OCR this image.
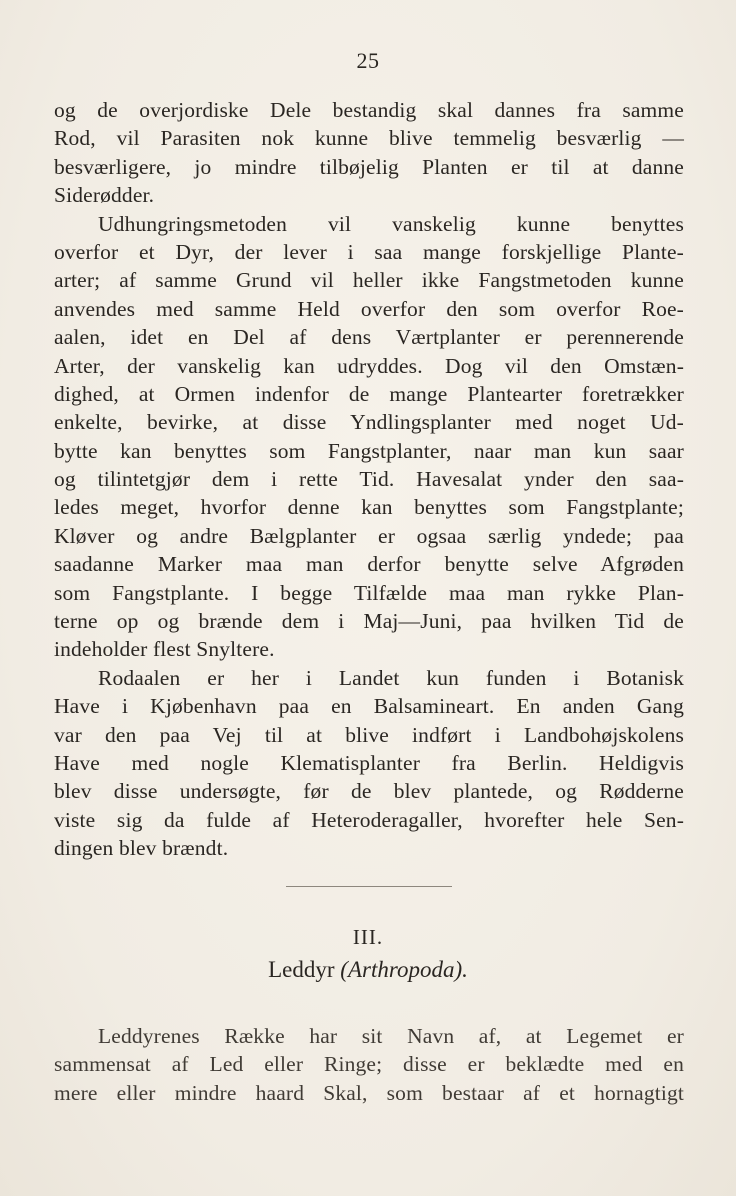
25
og de overjordiske Dele bestandig skal dannes fra samme
Rod, vil Parasiten nok kunne blive temmelig besværlig —
besværligere, jo mindre tilbøjelig Planten er til at danne
Siderødder.
Udhungringsmetoden vil vanskelig kunne benyttes
overfor et Dyr, der lever i saa mange forskjellige Plante-
arter; af samme Grund vil heller ikke Fangstmetoden kunne
anvendes med samme Held overfor den som overfor Roe-
aalen, idet en Del af dens Værtplanter er perennerende
Arter, der vanskelig kan udryddes. Dog vil den Omstæn-
dighed, at Ormen indenfor de mange Plantearter foretrækker
enkelte, bevirke, at disse Yndlingsplanter med noget Ud-
bytte kan benyttes som Fangstplanter, naar man kun saar
og tilintetgjør dem i rette Tid. Havesalat ynder den saa-
ledes meget, hvorfor denne kan benyttes som Fangstplante;
Kløver og andre Bælgplanter er ogsaa særlig yndede; paa
saadanne Marker maa man derfor benytte selve Afgrøden
som Fangstplante. I begge Tilfælde maa man rykke Plan-
terne op og brænde dem i Maj—Juni, paa hvilken Tid de
indeholder flest Snyltere.
Rodaalen er her i Landet kun funden i Botanisk
Have i Kjøbenhavn paa en Balsamineart. En anden Gang
var den paa Vej til at blive indført i Landbohøjskolens
Have med nogle Klematisplanter fra Berlin. Heldigvis
blev disse undersøgte, før de blev plantede, og Rødderne
viste sig da fulde af Heteroderagaller, hvorefter hele Sen-
dingen blev brændt.
III.
Leddyr (Arthropoda).
Leddyrenes Række har sit Navn af, at Legemet er
sammensat af Led eller Ringe; disse er beklædte med en
mere eller mindre haard Skal, som bestaar af et hornagtigt
